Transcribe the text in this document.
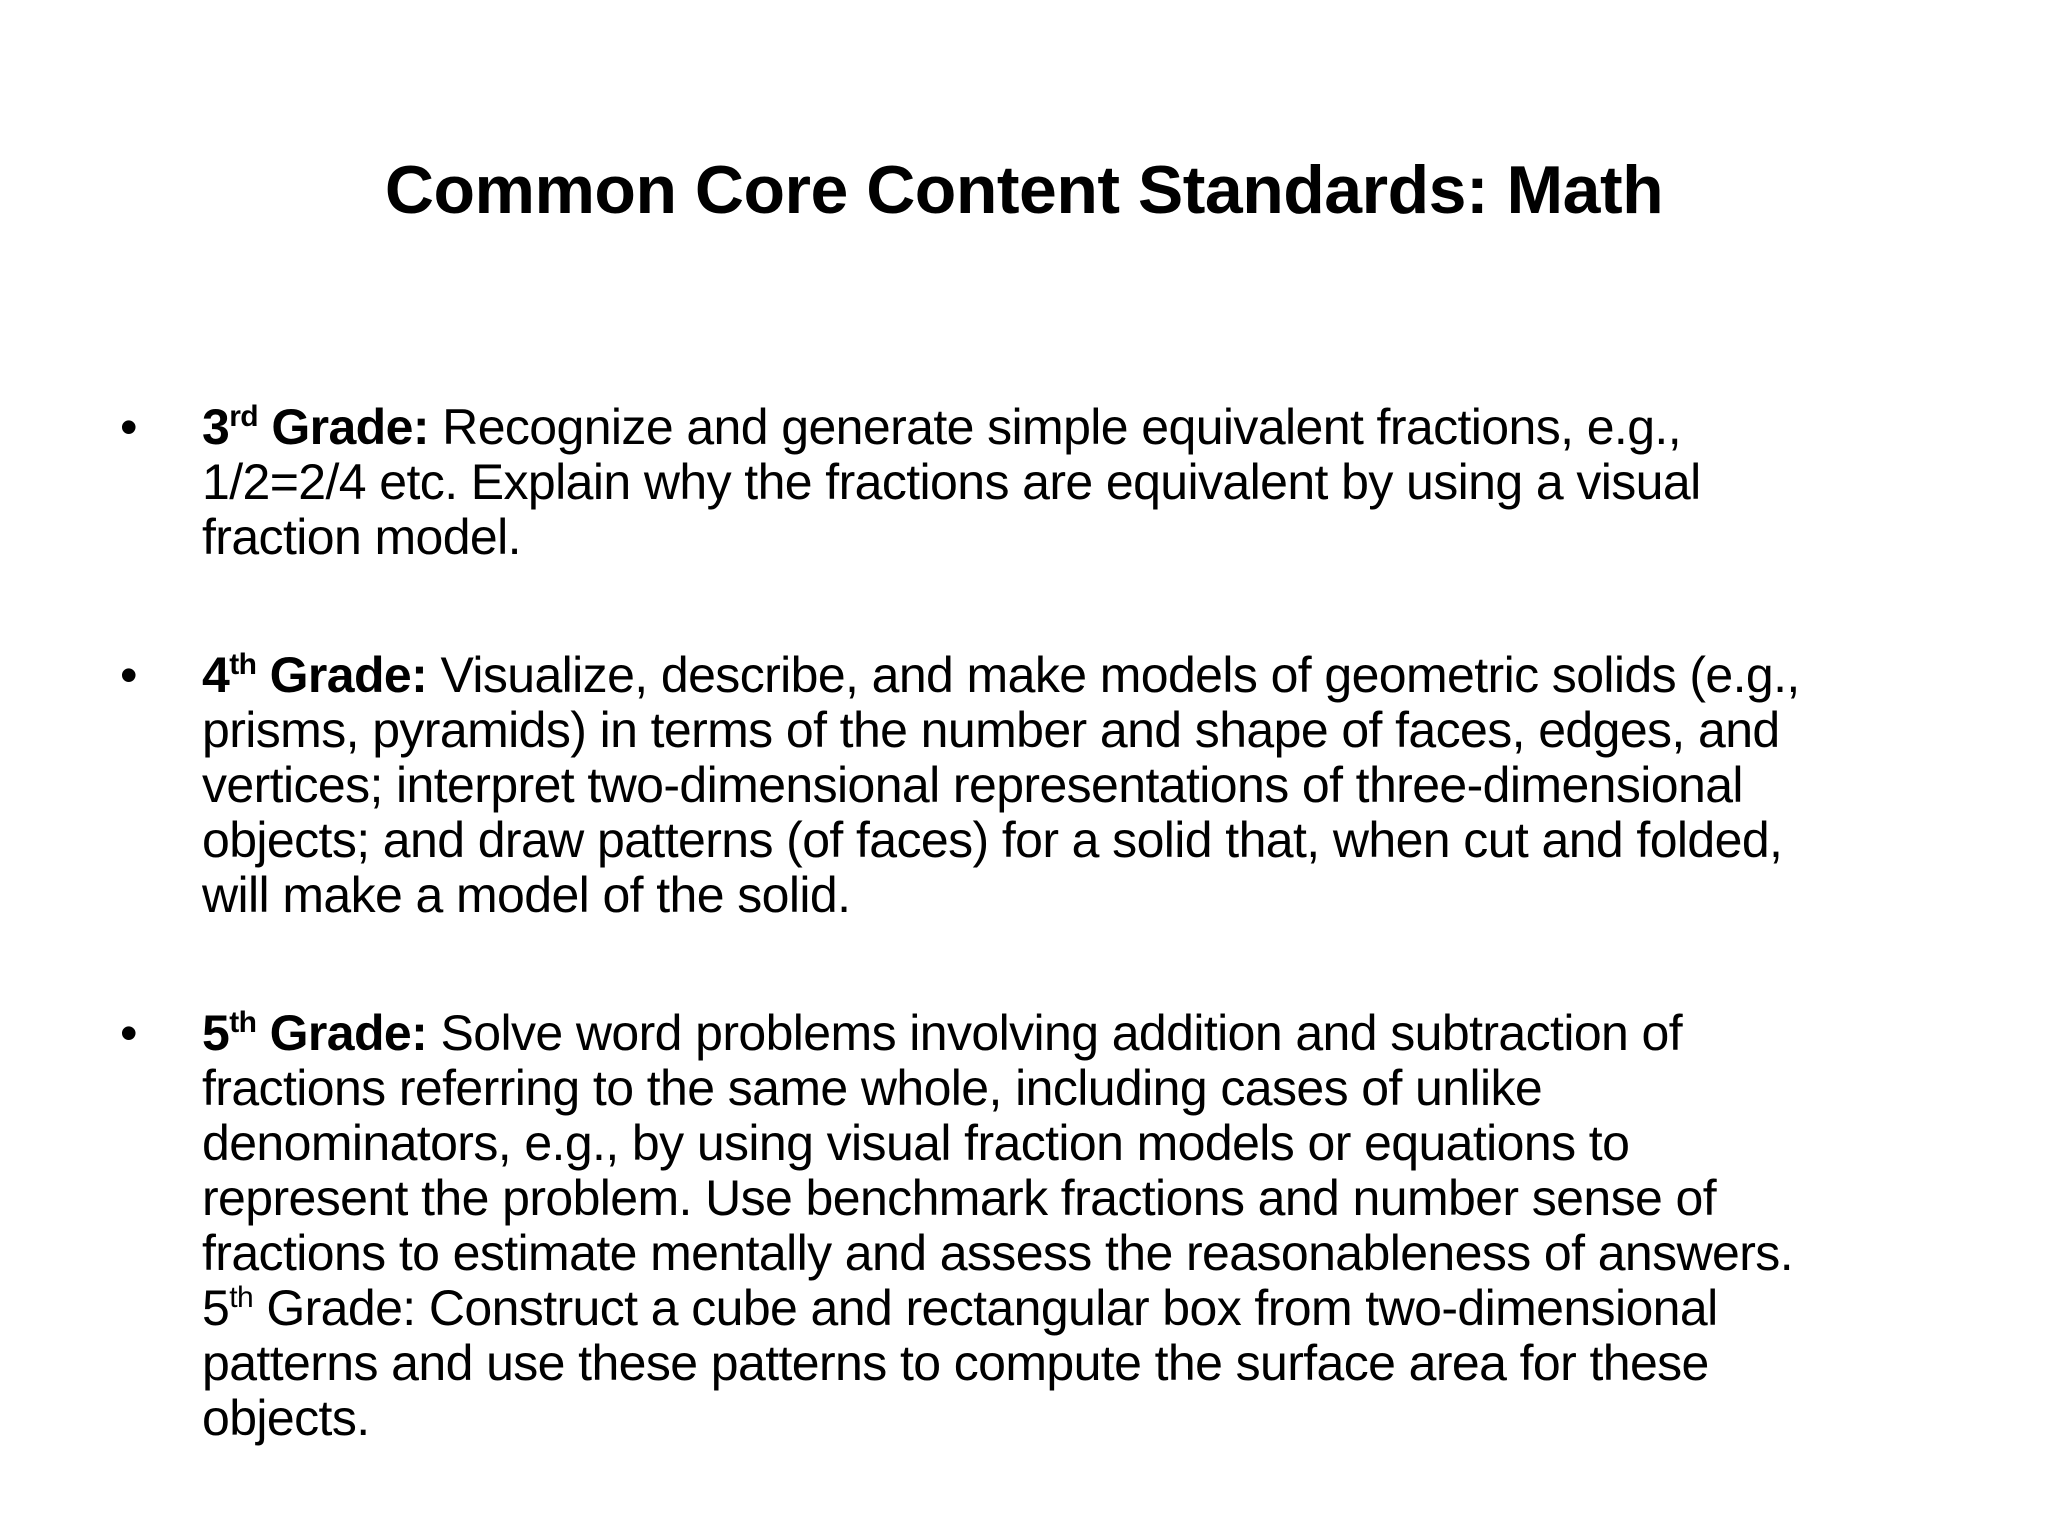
Common Core Content Standards: Math
• 3rd Grade: Recognize and generate simple equivalent fractions, e.g.,
1/2=2/4 etc. Explain why the fractions are equivalent by using a visual
fraction model.
• 4th Grade: Visualize, describe, and make models of geometric solids (e.g.,
prisms, pyramids) in terms of the number and shape of faces, edges, and
vertices; interpret two-dimensional representations of three-dimensional
objects; and draw patterns (of faces) for a solid that, when cut and folded,
will make a model of the solid.
• 5th Grade: Solve word problems involving addition and subtraction of
fractions referring to the same whole, including cases of unlike
denominators, e.g., by using visual fraction models or equations to
represent the problem. Use benchmark fractions and number sense of
fractions to estimate mentally and assess the reasonableness of answers.
5th Grade: Construct a cube and rectangular box from two-dimensional
patterns and use these patterns to compute the surface area for these
objects.
